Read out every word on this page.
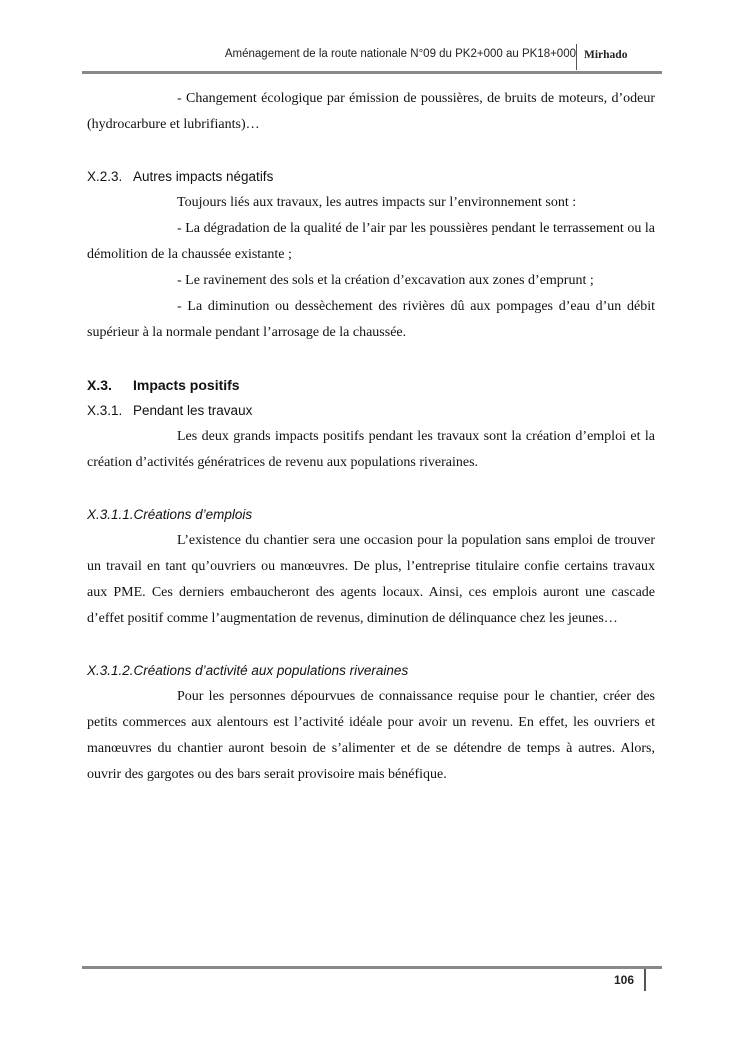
Aménagement de la route nationale N°09 du PK2+000 au PK18+000 Mirhado

- Changement écologique par émission de poussières, de bruits de moteurs, d’odeur (hydrocarbure et lubrifiants)…

X.2.3. Autres impacts négatifs

Toujours liés aux travaux, les autres impacts sur l’environnement sont :

- La dégradation de la qualité de l’air par les poussières pendant le terrassement ou la démolition de la chaussée existante ;

- Le ravinement des sols et la création d’excavation aux zones d’emprunt ;

- La diminution ou dessèchement des rivières dû aux pompages d’eau d’un débit supérieur à la normale pendant l’arrosage de la chaussée.

X.3. Impacts positifs
X.3.1. Pendant les travaux

Les deux grands impacts positifs pendant les travaux sont la création d’emploi et la création d’activités génératrices de revenu aux populations riveraines.

X.3.1.1.Créations d’emplois

L’existence du chantier sera une occasion pour la population sans emploi de trouver un travail en tant qu’ouvriers ou manœuvres. De plus, l’entreprise titulaire confie certains travaux aux PME. Ces derniers embaucheront des agents locaux. Ainsi, ces emplois auront une cascade d’effet positif comme l’augmentation de revenus, diminution de délinquance chez les jeunes…

X.3.1.2.Créations d’activité aux populations riveraines

Pour les personnes dépourvues de connaissance requise pour le chantier, créer des petits commerces aux alentours est l’activité idéale pour avoir un revenu. En effet, les ouvriers et manœuvres du chantier auront besoin de s’alimenter et de se détendre de temps à autres. Alors, ouvrir des gargotes ou des bars serait provisoire mais bénéfique.

106
